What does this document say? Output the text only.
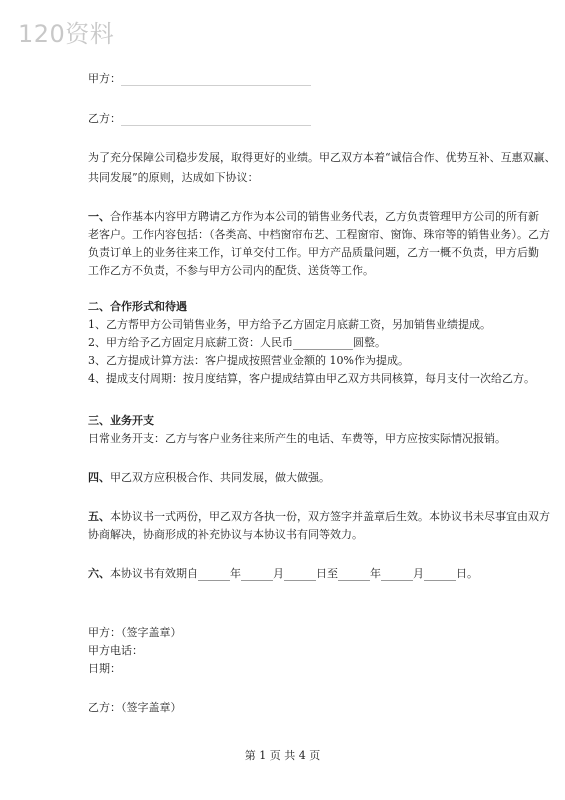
120资料
甲方：
乙方：
为了充分保障公司稳步发展，取得更好的业绩。甲乙双方本着“诚信合作、优势互补、互惠双赢、
共同发展”的原则，达成如下协议：
一、合作基本内容甲方聘请乙方作为本公司的销售业务代表，乙方负责管理甲方公司的所有新
老客户。工作内容包括：（各类高、中档窗帘布艺、工程窗帘、窗饰、珠帘等的销售业务）。乙方
负责订单上的业务往来工作，订单交付工作。甲方产品质量问题，乙方一概不负责，甲方后勤
工作乙方不负责，不参与甲方公司内的配货、送货等工作。
二、合作形式和待遇
1、乙方帮甲方公司销售业务，甲方给予乙方固定月底薪工资，另加销售业绩提成。
2、甲方给予乙方固定月底薪工资：人民币	圆整。
3、乙方提成计算方法：客户提成按照营业金额的 10%作为提成。
4、提成支付周期：按月度结算，客户提成结算由甲乙双方共同核算，每月支付一次给乙方。
三、业务开支
日常业务开支：乙方与客户业务往来所产生的电话、车费等，甲方应按实际情况报销。
四、甲乙双方应积极合作、共同发展，做大做强。
五、本协议书一式两份，甲乙双方各执一份，双方签字并盖章后生效。本协议书未尽事宜由双方
协商解决，协商形成的补充协议与本协议书有同等效力。
六、本协议书有效期自	年	月	日至	年	月	日。
甲方：（签字盖章）
甲方电话：
日期：
乙方：（签字盖章）
第 1 页 共 4 页
